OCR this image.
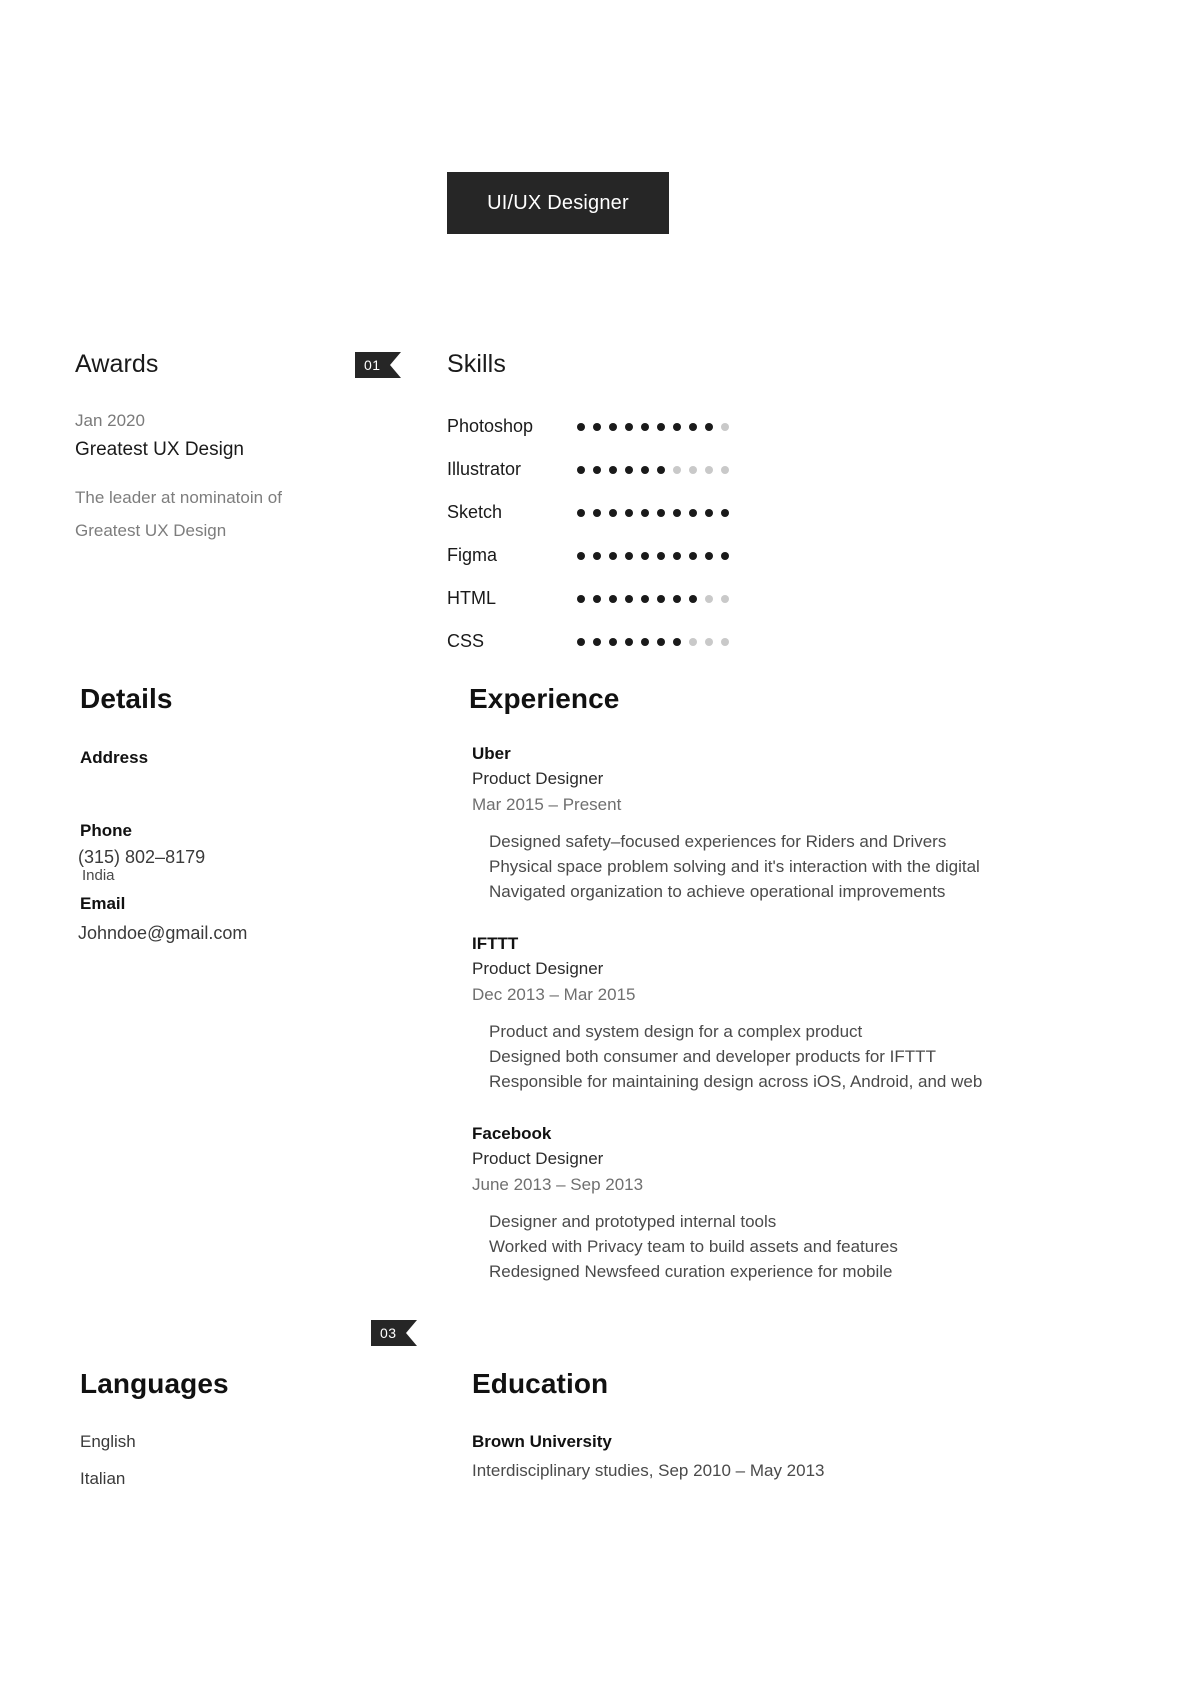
UI/UX Designer
01
Awards
Jan 2020
Greatest UX Design
The leader at nominatoin of Greatest UX Design
Skills
Photoshop
Illustrator
Sketch
Figma
HTML
CSS
Details
Address
Phone
(315) 802–8179
India
Email
Johndoe@gmail.com
Experience
Uber
Product Designer
Mar 2015 – Present
Designed safety–focused experiences for Riders and Drivers
Physical space problem solving and it's interaction with the digital
Navigated organization to achieve operational improvements
IFTTT
Product Designer
Dec 2013 – Mar 2015
Product and system design for a complex product
Designed both consumer and developer products for IFTTT
Responsible for maintaining design across iOS, Android, and web
Facebook
Product Designer
June 2013 – Sep 2013
Designer and prototyped internal tools
Worked with Privacy team to build assets and features
Redesigned Newsfeed curation experience for mobile
03
Languages
English
Italian
Education
Brown University
Interdisciplinary studies, Sep 2010 – May 2013
